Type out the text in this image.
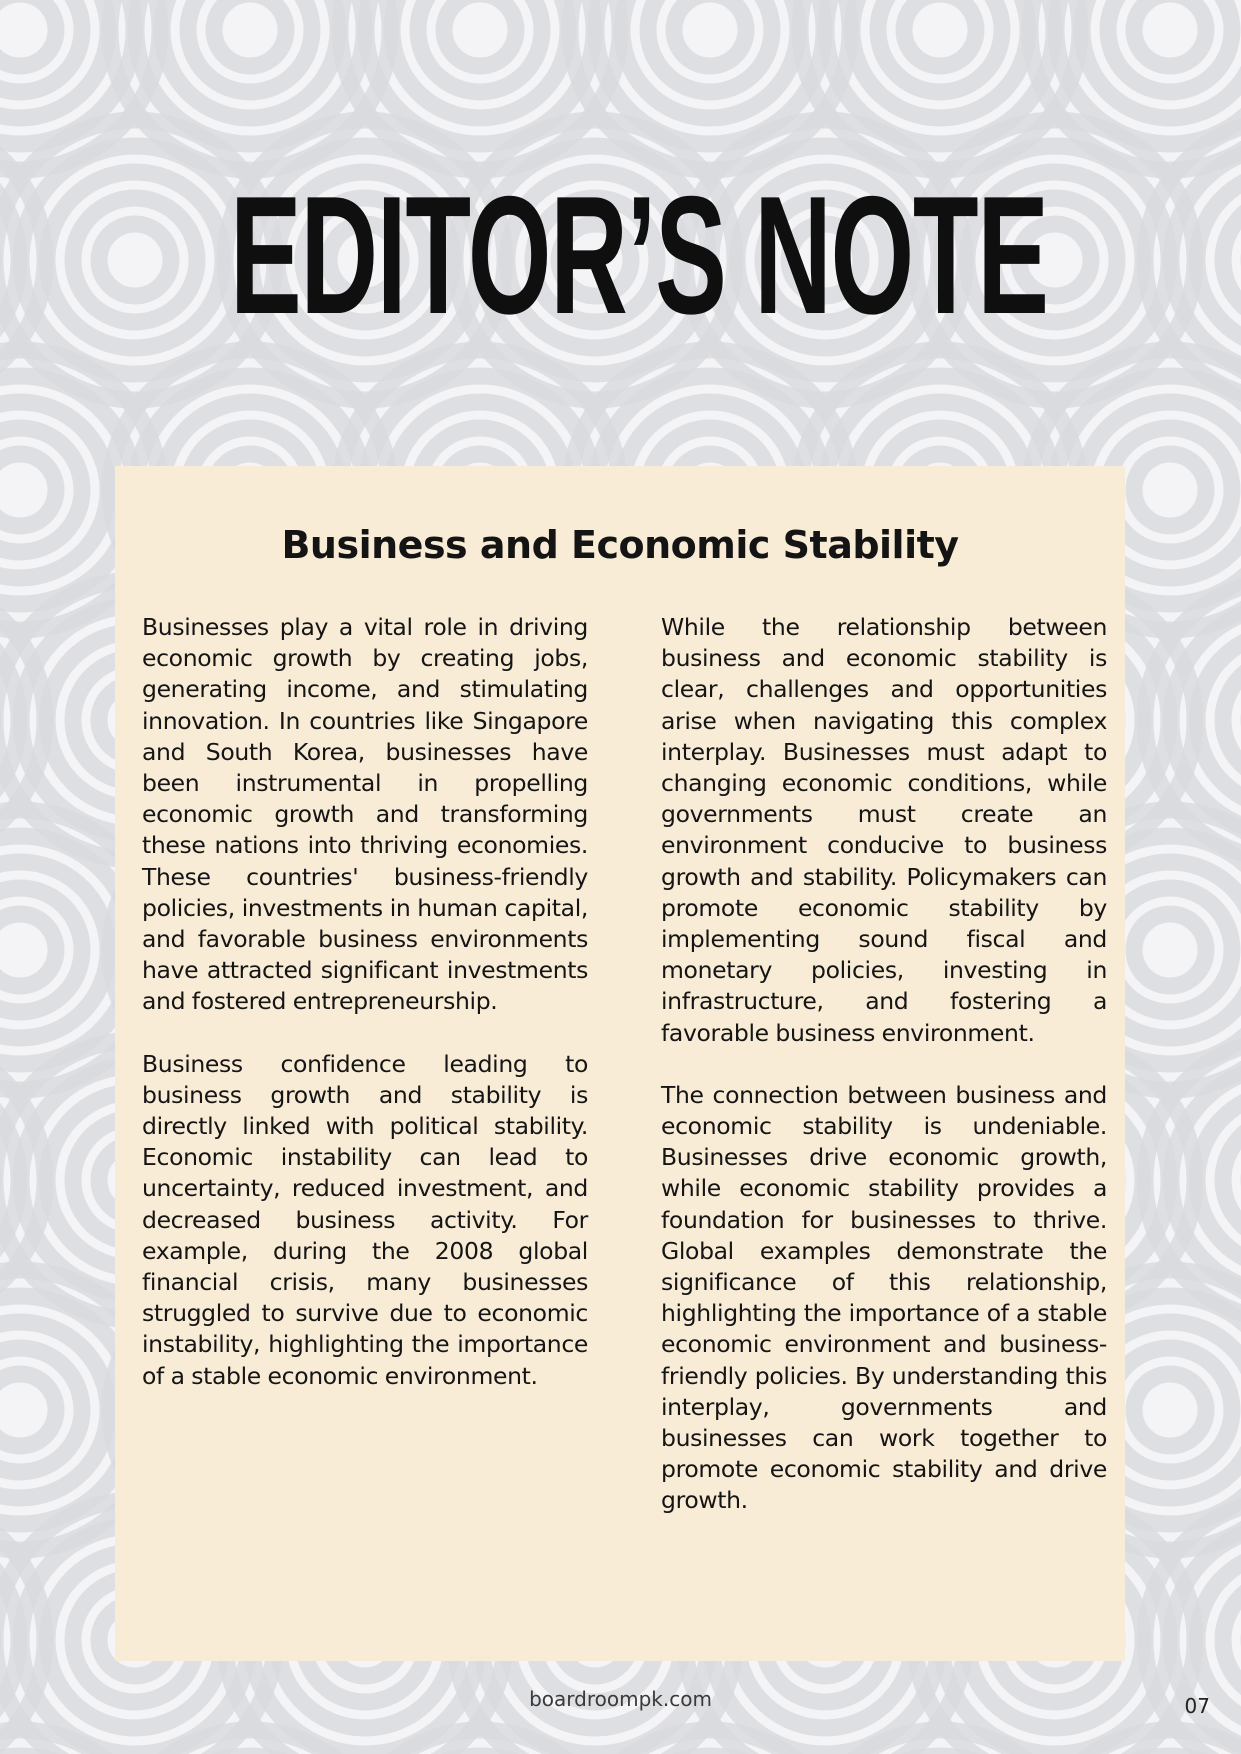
EDITOR’S NOTE
Business and Economic Stability

Businesses play a vital role in driving economic growth by creating jobs, generating income, and stimulating innovation. In countries like Singapore and South Korea, businesses have been instrumental in propelling economic growth and transforming these nations into thriving economies. These countries' business-friendly policies, investments in human capital, and favorable business environments have attracted significant investments and fostered entrepreneurship.

Business confidence leading to business growth and stability is directly linked with political stability. Economic instability can lead to uncertainty, reduced investment, and decreased business activity. For example, during the 2008 global financial crisis, many businesses struggled to survive due to economic instability, highlighting the importance of a stable economic environment.

While the relationship between business and economic stability is clear, challenges and opportunities arise when navigating this complex interplay. Businesses must adapt to changing economic conditions, while governments must create an environment conducive to business growth and stability. Policymakers can promote economic stability by implementing sound fiscal and monetary policies, investing in infrastructure, and fostering a favorable business environment.

The connection between business and economic stability is undeniable. Businesses drive economic growth, while economic stability provides a foundation for businesses to thrive. Global examples demonstrate the significance of this relationship, highlighting the importance of a stable economic environment and business-friendly policies. By understanding this interplay, governments and businesses can work together to promote economic stability and drive growth.

boardroompk.com	07
